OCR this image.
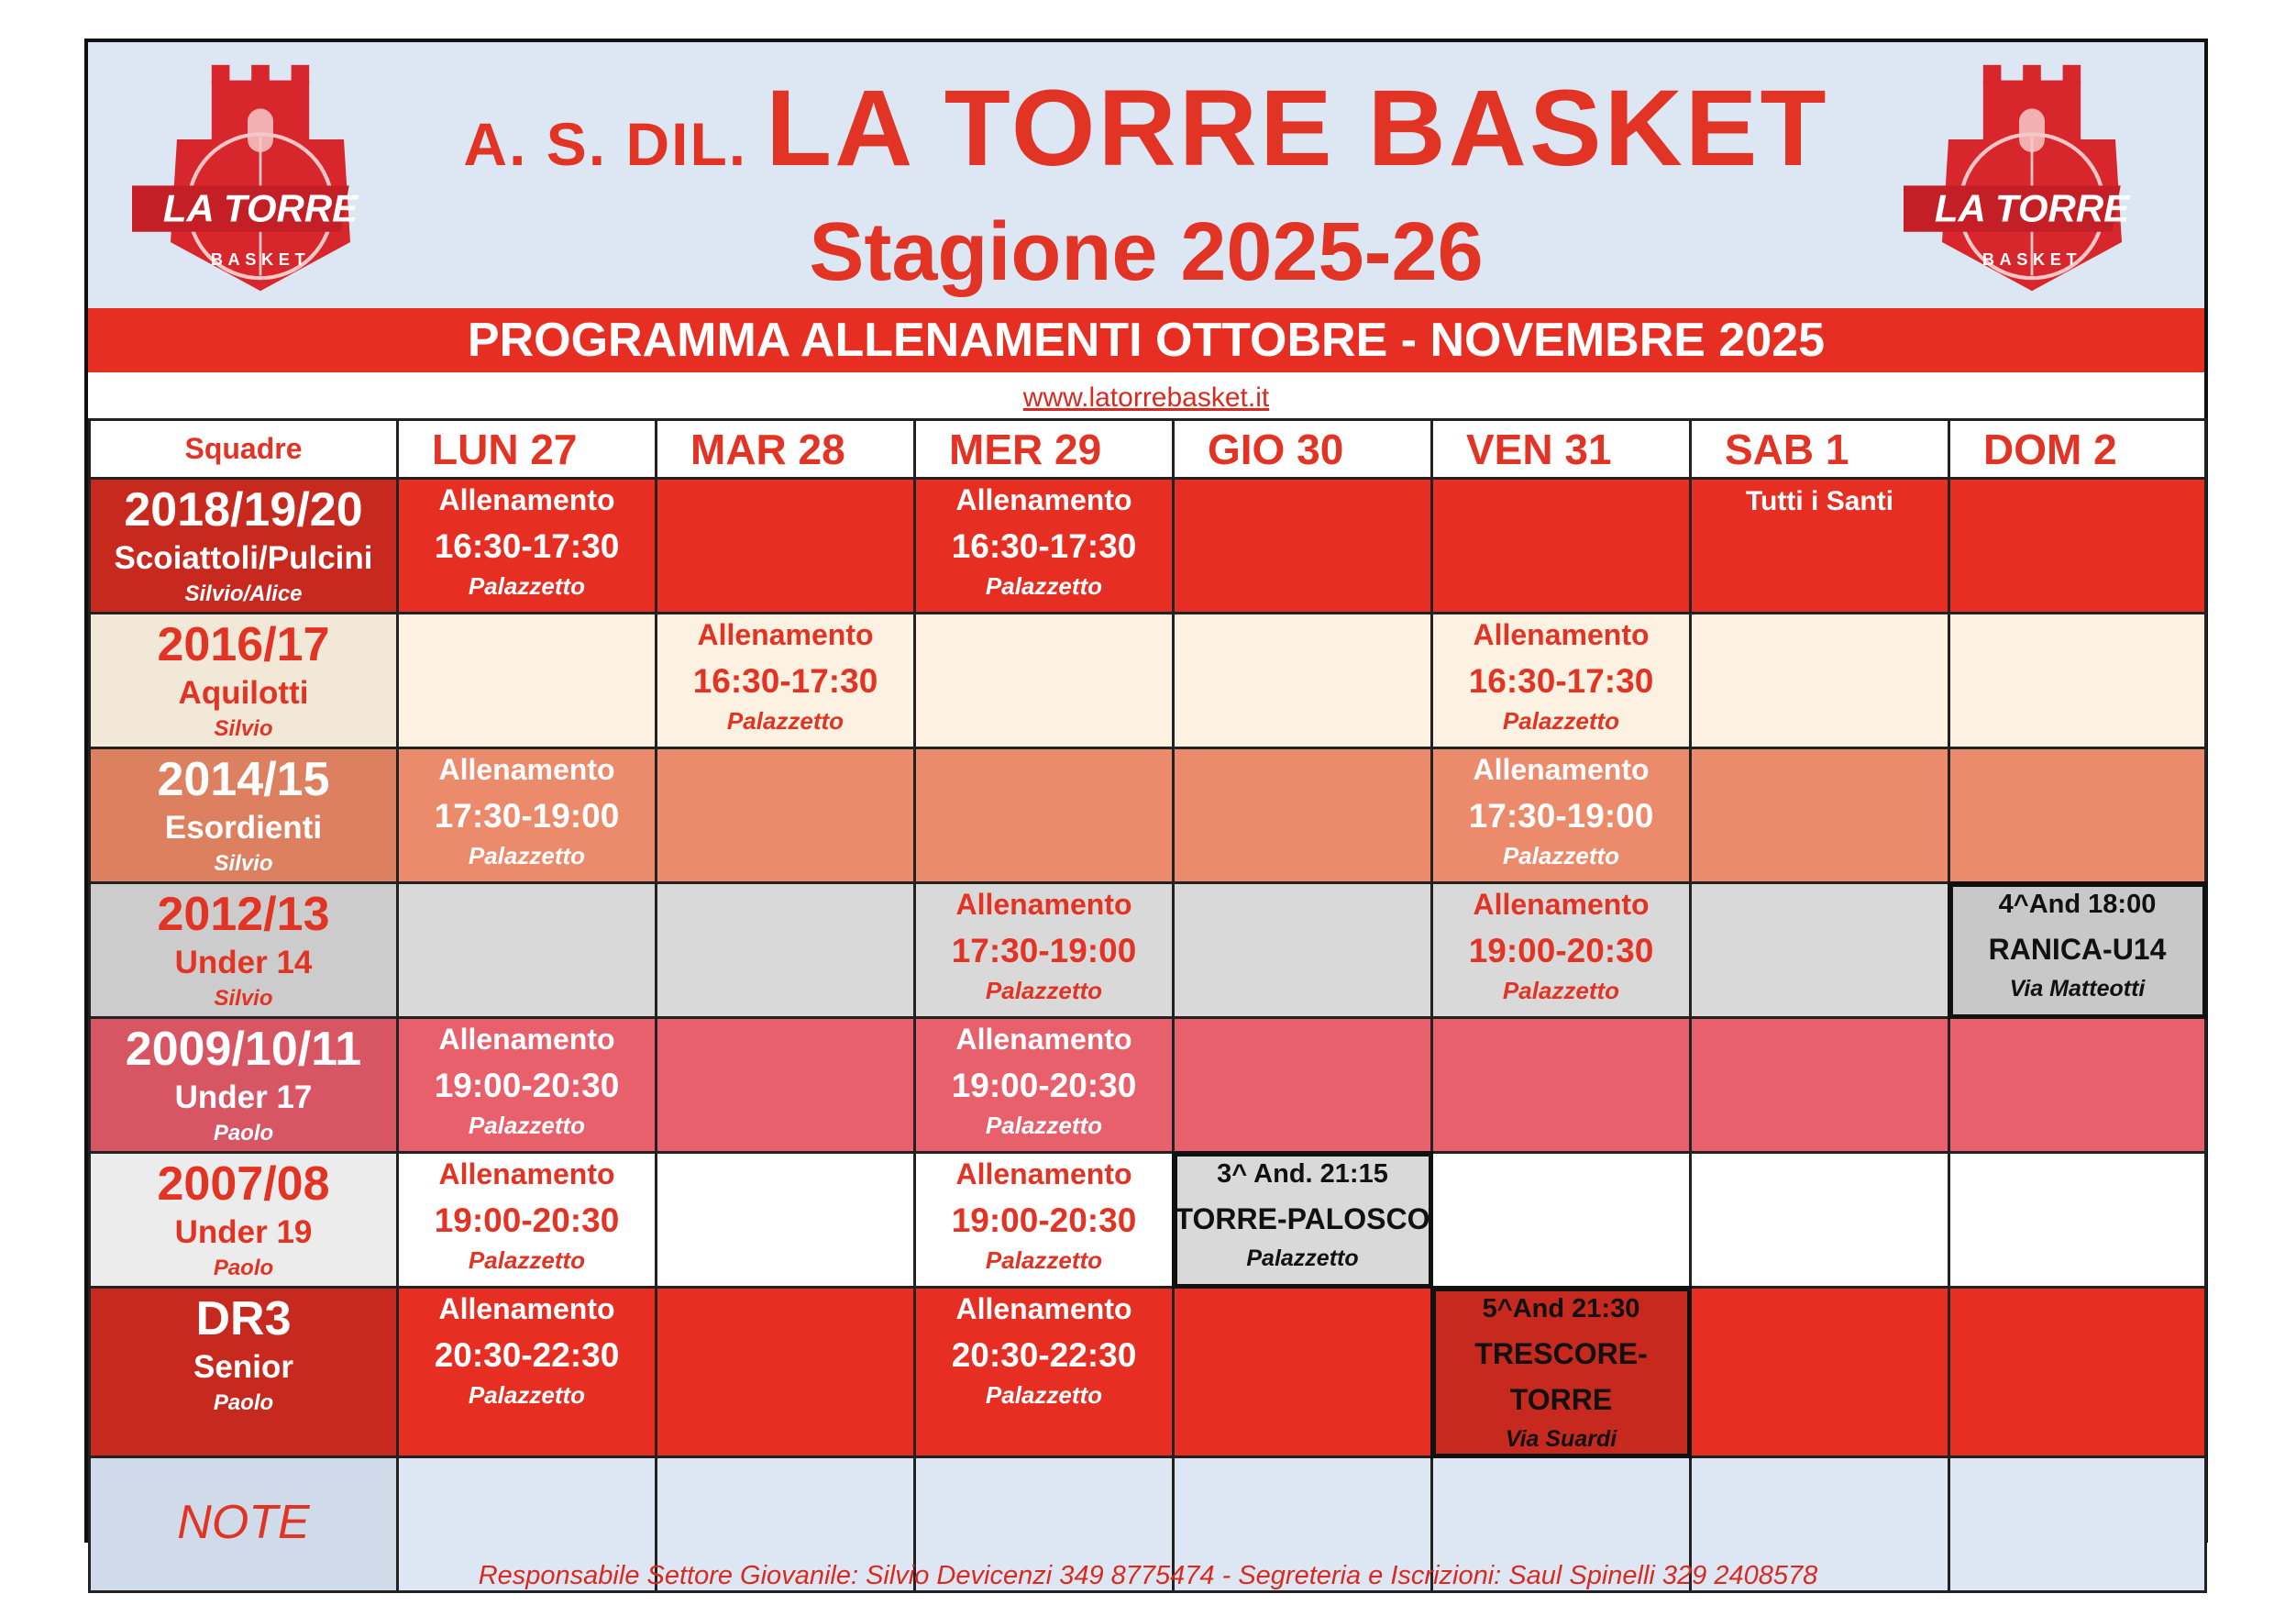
LA TORRE
BASKET
LA TORRE
BASKET
A. S. DIL. LA TORRE BASKET
Stagione 2025-26
PROGRAMMA ALLENAMENTI OTTOBRE - NOVEMBRE 2025
www.latorrebasket.it
Squadre	LUN 27	MAR 28	MER 29	GIO 30	VEN 31	SAB 1	DOM 2

2018/19/20
Scoiattoli/Pulcini
Silvio/Alice	Allenamento
16:30-17:30
Palazzetto		Allenamento
16:30-17:30
Palazzetto			Tutti i Santi	

2016/17
Aquilotti
Silvio		Allenamento
16:30-17:30
Palazzetto			Allenamento
16:30-17:30
Palazzetto		

2014/15
Esordienti
Silvio	Allenamento
17:30-19:00
Palazzetto				Allenamento
17:30-19:00
Palazzetto		

2012/13
Under 14
Silvio			Allenamento
17:30-19:00
Palazzetto		Allenamento
19:00-20:30
Palazzetto		4^And 18:00
RANICA-U14
Via Matteotti

2009/10/11
Under 17
Paolo	Allenamento
19:00-20:30
Palazzetto		Allenamento
19:00-20:30
Palazzetto				

2007/08
Under 19
Paolo	Allenamento
19:00-20:30
Palazzetto		Allenamento
19:00-20:30
Palazzetto	3^ And. 21:15
TORRE-PALOSCO
Palazzetto			

DR3
Senior
Paolo	Allenamento
20:30-22:30
Palazzetto		Allenamento
20:30-22:30
Palazzetto		5^And 21:30
TRESCORE-TORRE
Via Suardi		

NOTE							

Responsabile Settore Giovanile: Silvio Devicenzi 349 8775474 - Segreteria e Iscrizioni: Saul Spinelli 329 2408578
